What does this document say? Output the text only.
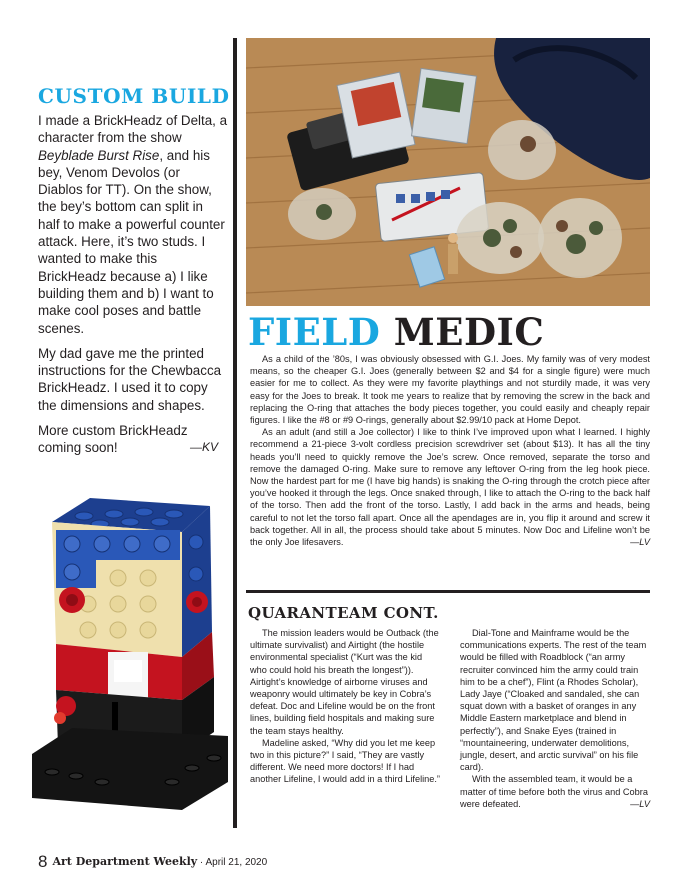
CUSTOM BUILD

I made a BrickHeadz of Delta, a character from the show Beyblade Burst Rise, and his bey, Venom Devolos (or Diablos for TT). On the show, the bey’s bottom can split in half to make a powerful counter attack. Here, it’s two studs. I wanted to make this BrickHeadz because a) I like building them and b) I want to make cool poses and battle scenes.

My dad gave me the printed instructions for the Chewbacca BrickHeadz. I used it to copy the dimensions and shapes.

More custom BrickHeadz coming soon!	—KV

FIELD MEDIC

As a child of the ’80s, I was obviously obsessed with G.I. Joes. My family was of very modest means, so the cheaper G.I. Joes (generally between $2 and $4 for a single figure) were much easier for me to collect. As they were my favorite playthings and not sturdily made, it was very easy for the Joes to break. It took me years to realize that by removing the screw in the back and replacing the O-ring that attaches the body pieces together, you could easily and cheaply repair figures. I like the #8 or #9 O-rings, generally about $2.99/10 pack at Home Depot.

As an adult (and still a Joe collector) I like to think I’ve improved upon what I learned. I highly recommend a 21-piece 3-volt cordless precision screwdriver set (about $13). It has all the tiny heads you’ll need to quickly remove the Joe’s screw. Once removed, separate the torso and remove the damaged O-ring. Make sure to remove any leftover O-ring from the leg hook piece. Now the hardest part for me (I have big hands) is snaking the O-ring through the crotch piece after you’ve hooked it through the legs. Once snaked through, I like to attach the O-ring to the back half of the torso. Then add the front of the torso. Lastly, I add back in the arms and heads, being careful to not let the torso fall apart. Once all the apendages are in, you flip it around and screw it back together. All in all, the process should take about 5 minutes. Now Doc and Lifeline won’t be the only Joe lifesavers.	—LV

QUARANTEAM CONT.

The mission leaders would be Outback (the ultimate survivalist) and Airtight (the hostile environmental specialist (“Kurt was the kid who could hold his breath the longest”)). Airtight’s knowledge of airborne viruses and weaponry would ultimately be key in Cobra’s defeat. Doc and Lifeline would be on the front lines, building field hospitals and making sure the team stays healthy.

Madeline asked, “Why did you let me keep two in this picture?” I said, “They are vastly different. We need more doctors! If I had another Lifeline, I would add in a third Lifeline.”

Dial-Tone and Mainframe would be the communications experts. The rest of the team would be filled with Roadblock (“an army recruiter convinced him the army could train him to be a chef”), Flint (a Rhodes Scholar), Lady Jaye (“Cloaked and sandaled, she can squat down with a basket of oranges in any Middle Eastern marketplace and blend in perfectly”), and Snake Eyes (trained in “mountaineering, underwater demolitions, jungle, desert, and arctic survival” on his file card).

With the assembled team, it would be a matter of time before both the virus and Cobra were defeated.	—LV

8 Art Department Weekly · April 21, 2020
